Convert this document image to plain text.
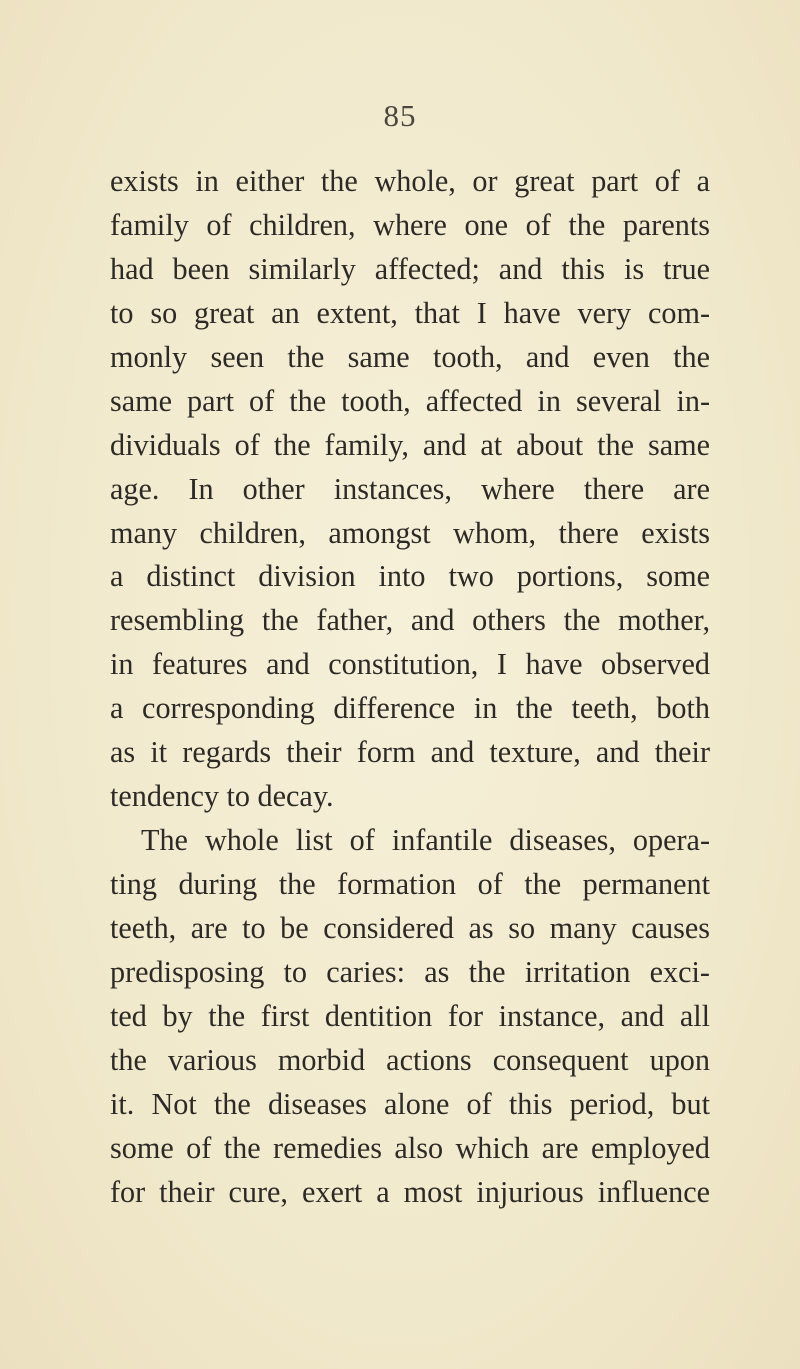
85
exists in either the whole, or great part of a
family of children, where one of the parents
had been similarly affected; and this is true
to so great an extent, that I have very com-
monly seen the same tooth, and even the
same part of the tooth, affected in several in-
dividuals of the family, and at about the same
age. In other instances, where there are
many children, amongst whom, there exists
a distinct division into two portions, some
resembling the father, and others the mother,
in features and constitution, I have observed
a corresponding difference in the teeth, both
as it regards their form and texture, and their
tendency to decay.
The whole list of infantile diseases, opera-
ting during the formation of the permanent
teeth, are to be considered as so many causes
predisposing to caries: as the irritation exci-
ted by the first dentition for instance, and all
the various morbid actions consequent upon
it. Not the diseases alone of this period, but
some of the remedies also which are employed
for their cure, exert a most injurious influence
